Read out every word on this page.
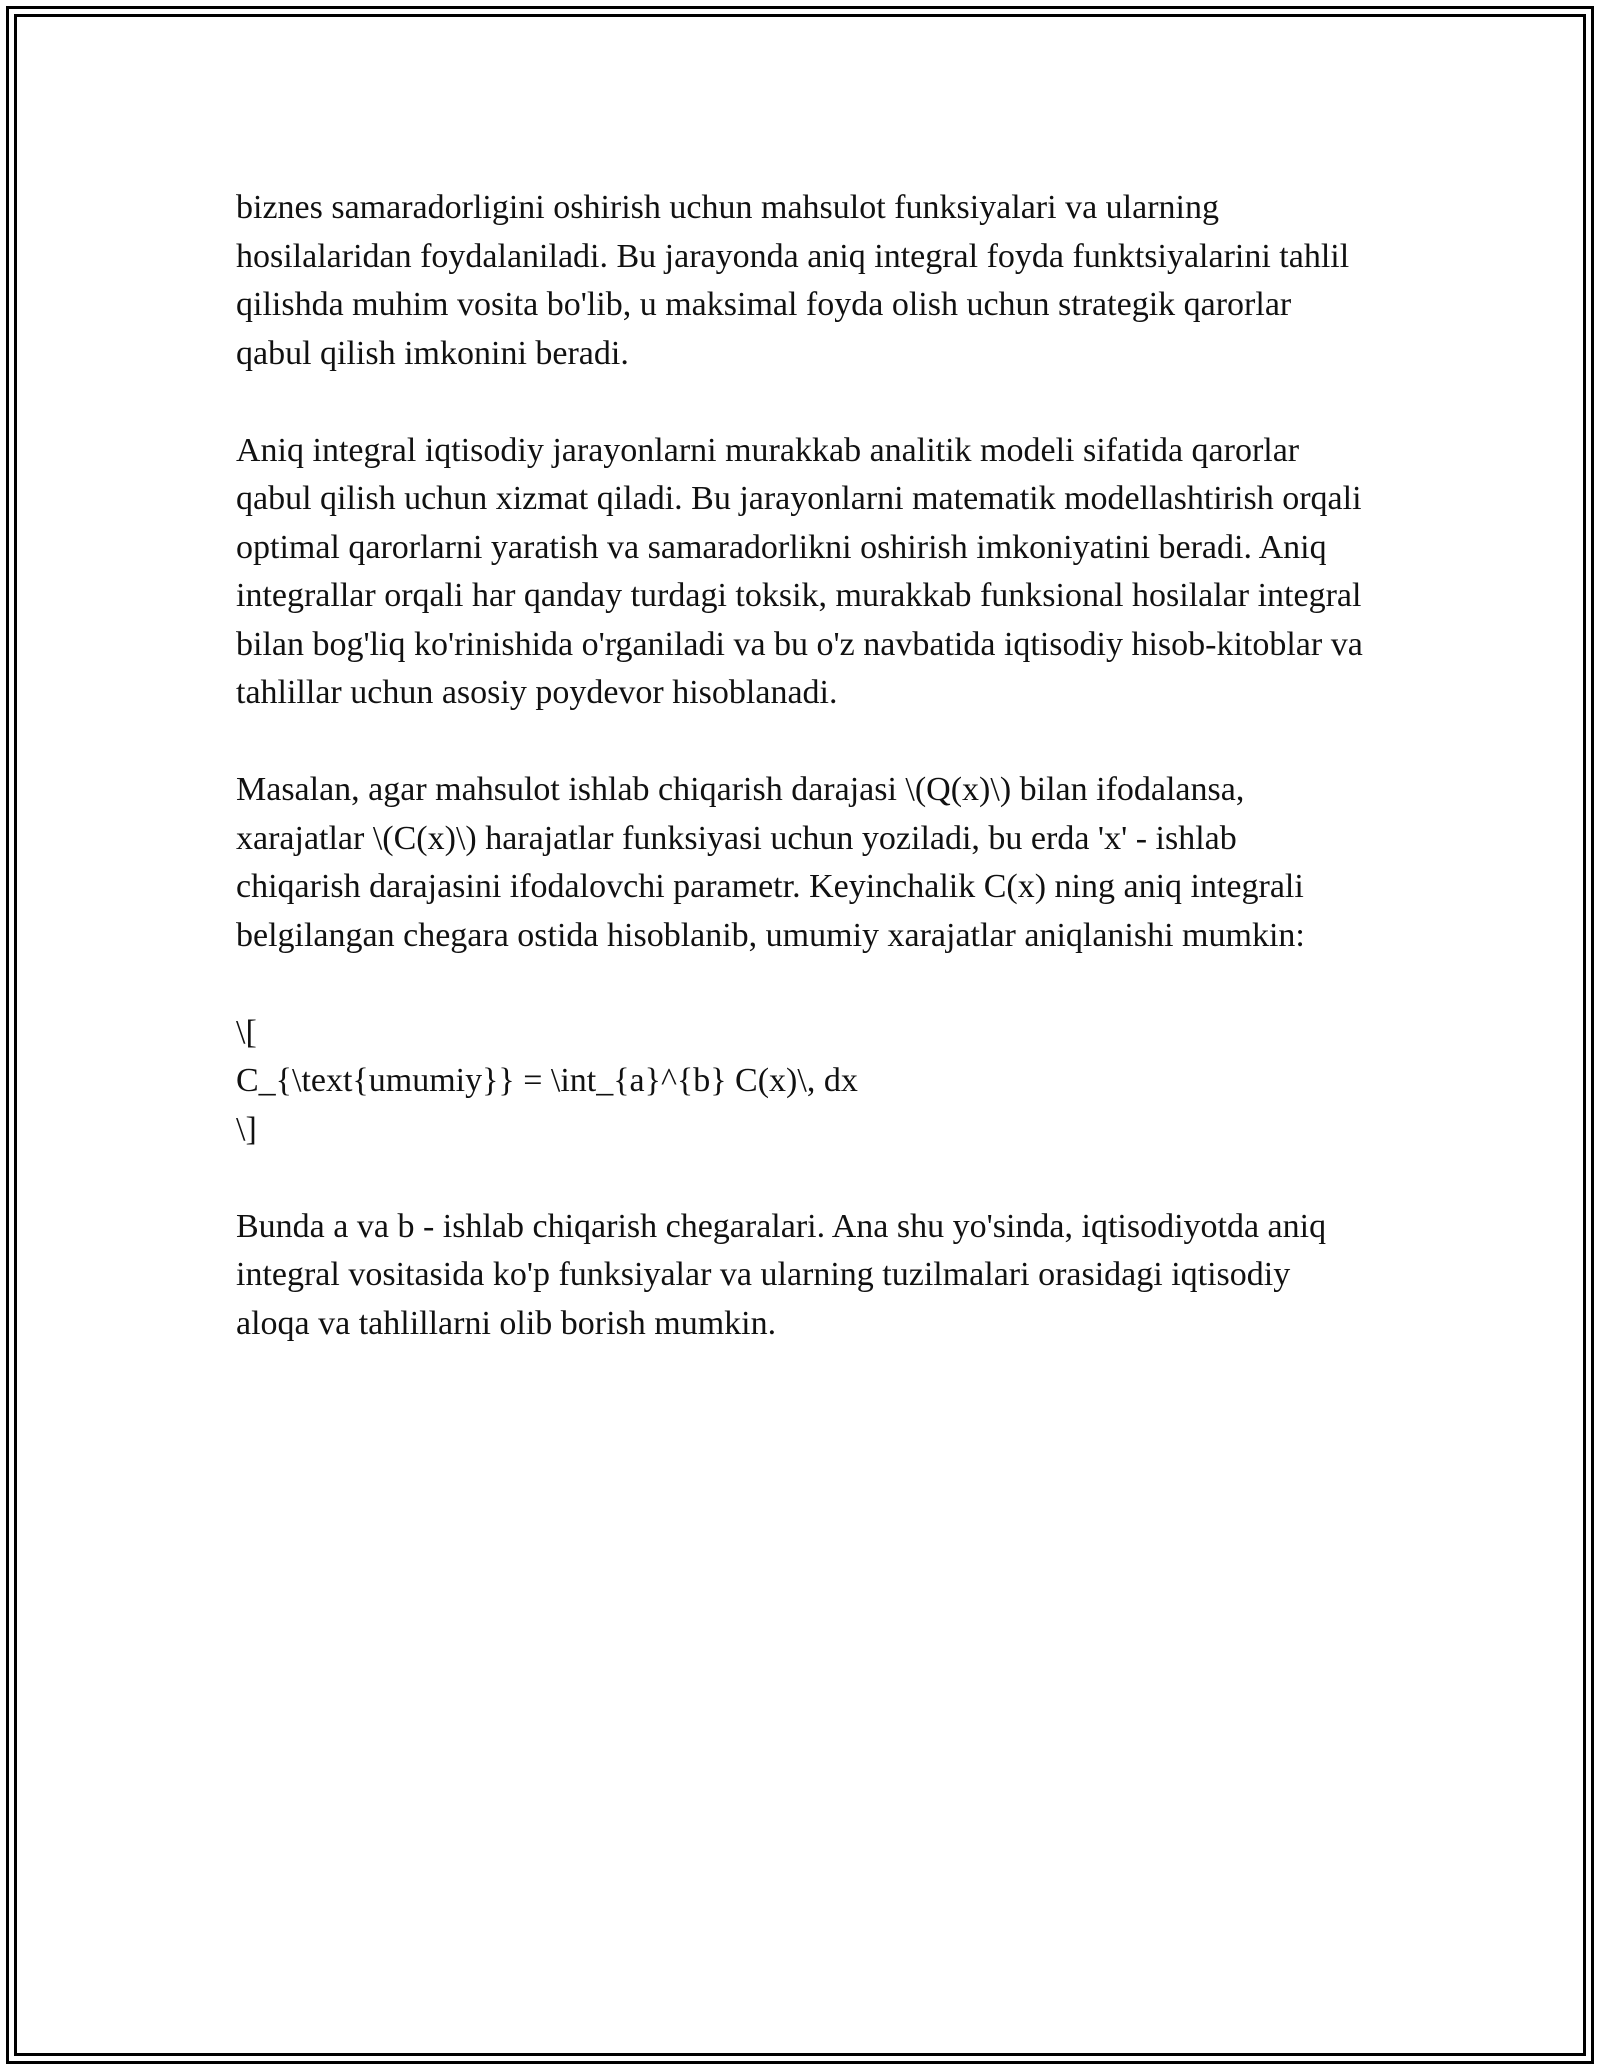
biznes samaradorligini oshirish uchun mahsulot funksiyalari va ularning hosilalaridan foydalaniladi. Bu jarayonda aniq integral foyda funktsiyalarini tahlil qilishda muhim vosita bo'lib, u maksimal foyda olish uchun strategik qarorlar qabul qilish imkonini beradi.

Aniq integral iqtisodiy jarayonlarni murakkab analitik modeli sifatida qarorlar qabul qilish uchun xizmat qiladi. Bu jarayonlarni matematik modellashtirish orqali optimal qarorlarni yaratish va samaradorlikni oshirish imkoniyatini beradi. Aniq integrallar orqali har qanday turdagi toksik, murakkab funksional hosilalar integral bilan bog'liq ko'rinishida o'rganiladi va bu o'z navbatida iqtisodiy hisob-kitoblar va tahlillar uchun asosiy poydevor hisoblanadi.

Masalan, agar mahsulot ishlab chiqarish darajasi \(Q(x)\) bilan ifodalansa, xarajatlar \(C(x)\) harajatlar funksiyasi uchun yoziladi, bu erda 'x' - ishlab chiqarish darajasini ifodalovchi parametr. Keyinchalik C(x) ning aniq integrali belgilangan chegara ostida hisoblanib, umumiy xarajatlar aniqlanishi mumkin:

\[

C_{\text{umumiy}} = \int_{a}^{b} C(x)\, dx

\]

Bunda a va b - ishlab chiqarish chegaralari. Ana shu yo'sinda, iqtisodiyotda aniq integral vositasida ko'p funksiyalar va ularning tuzilmalari orasidagi iqtisodiy aloqa va tahlillarni olib borish mumkin.
